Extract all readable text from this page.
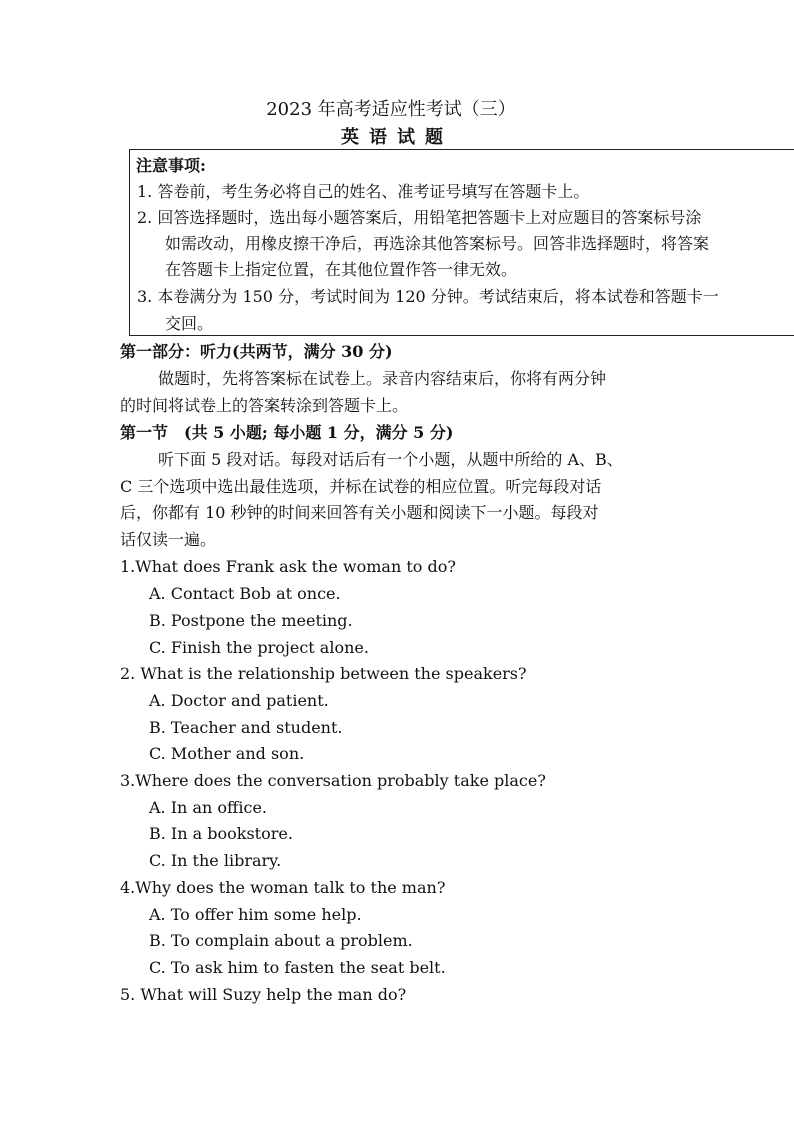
2023 年高考适应性考试（三）
英语试题
注意事项:
1. 答卷前，考生务必将自己的姓名、准考证号填写在答题卡上。
2. 回答选择题时，选出每小题答案后，用铅笔把答题卡上对应题目的答案标号涂
如需改动，用橡皮擦干净后，再选涂其他答案标号。回答非选择题时，将答案
在答题卡上指定位置，在其他位置作答一律无效。
3. 本卷满分为 150 分，考试时间为 120 分钟。考试结束后，将本试卷和答题卡一
交回。
第一部分：听力(共两节，满分 30 分)
做题时，先将答案标在试卷上。录音内容结束后，你将有两分钟
的时间将试卷上的答案转涂到答题卡上。
第一节　(共 5 小题; 每小题 1 分，满分 5 分)
听下面 5 段对话。每段对话后有一个小题，从题中所给的 A、B、
C 三个选项中选出最佳选项，并标在试卷的相应位置。听完每段对话
后，你都有 10 秒钟的时间来回答有关小题和阅读下一小题。每段对
话仅读一遍。
1.What does Frank ask the woman to do?
A. Contact Bob at once.
B. Postpone the meeting.
C. Finish the project alone.
2. What is the relationship between the speakers?
A. Doctor and patient.
B. Teacher and student.
C. Mother and son.
3.Where does the conversation probably take place?
A. In an office.
B. In a bookstore.
C. In the library.
4.Why does the woman talk to the man?
A. To offer him some help.
B. To complain about a problem.
C. To ask him to fasten the seat belt.
5. What will Suzy help the man do?
